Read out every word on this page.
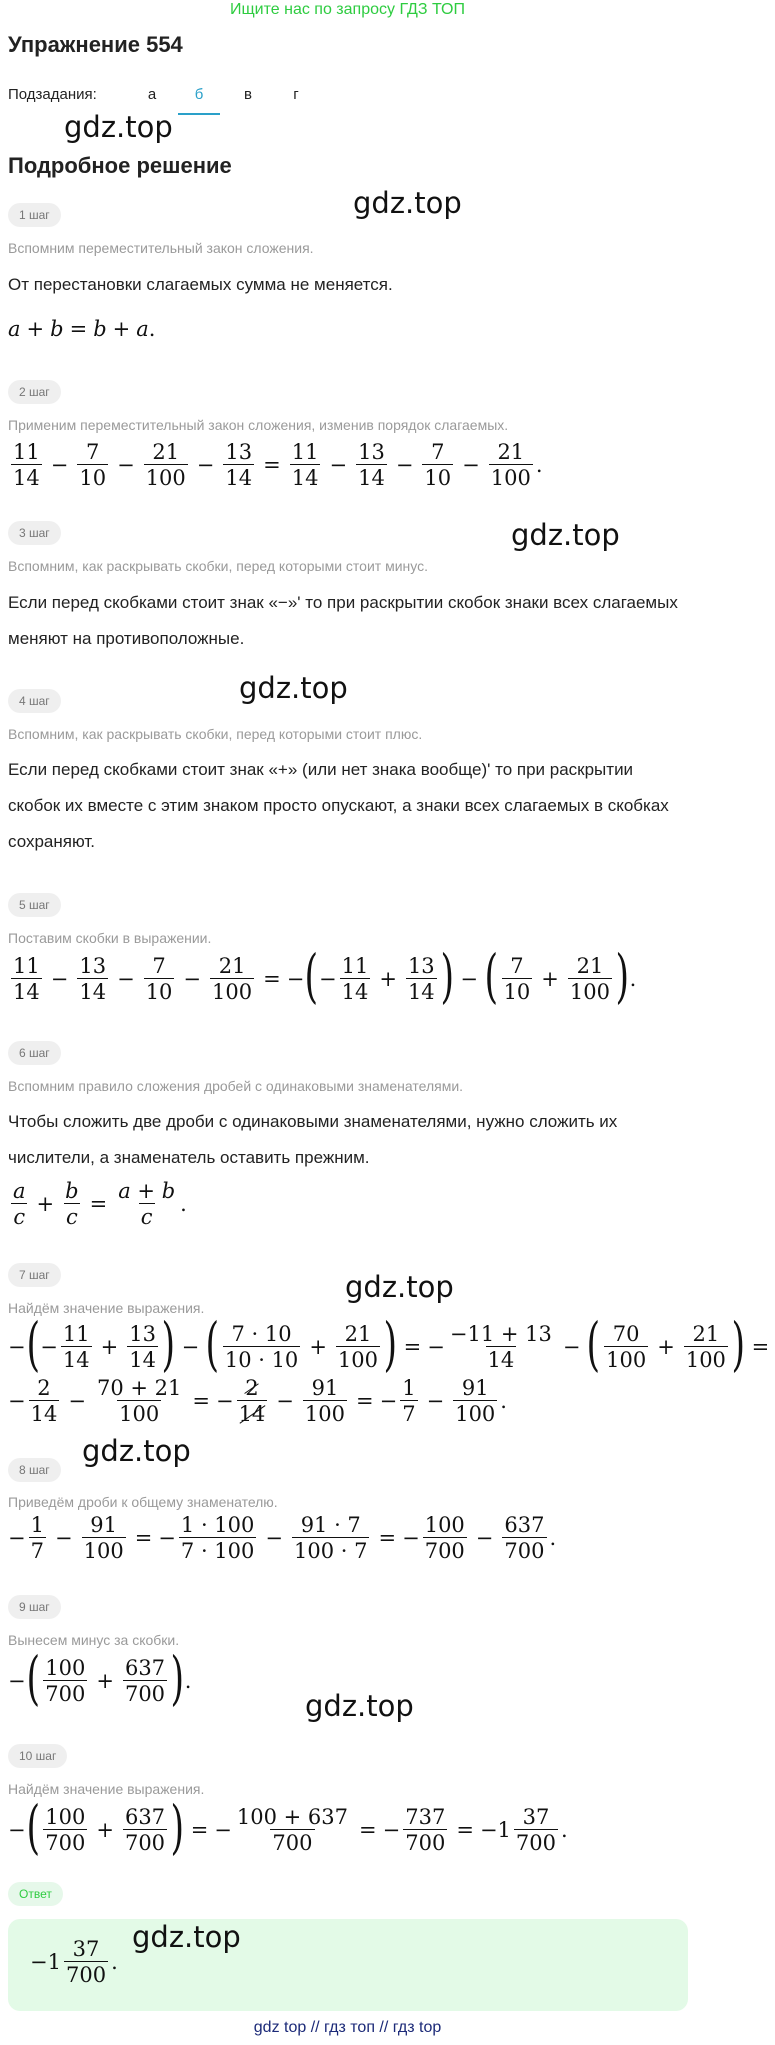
Ищите нас по запросу ГДЗ ТОП
Упражнение 554
Подзадания:	а	б	в	г
gdz.top
Подробное решение
1 шаг	gdz.top
Вспомним переместительный закон сложения.
От перестановки слагаемых сумма не меняется.
a + b = b + a .
2 шаг
Применим переместительный закон сложения, изменив порядок слагаемых.
$\frac{11}{14} - \frac{7}{10} - \frac{21}{100} - \frac{13}{14} = \frac{11}{14} - \frac{13}{14} - \frac{7}{10} - \frac{21}{100}$ .
3 шаг	gdz.top
Вспомним, как раскрывать скобки, перед которыми стоит минус.
Если перед скобками стоит знак «−»' то при раскрытии скобок знаки всех слагаемых меняют на противоположные.
4 шаг	gdz.top
Вспомним, как раскрывать скобки, перед которыми стоит плюс.
Если перед скобками стоит знак «+» (или нет знака вообще)' то при раскрытии скобок их вместе с этим знаком просто опускают, а знаки всех слагаемых в скобках сохраняют.
5 шаг
Поставим скобки в выражении.
$\frac{11}{14} - \frac{13}{14} - \frac{7}{10} - \frac{21}{100}$ = − ( − $\frac{11}{14} + \frac{13}{14}$ ) − ( $\frac{7}{10} + \frac{21}{100}$ ) .
6 шаг
Вспомним правило сложения дробей с одинаковыми знаменателями.
Чтобы сложить две дроби с одинаковыми знаменателями, нужно сложить их числители, а знаменатель оставить прежним.
$\frac{a}{c} + \frac{b}{c} = \frac{a + b}{c}$ .
7 шаг	gdz.top
Найдём значение выражения.
− ( − $\frac{11}{14} + \frac{13}{14}$ ) − ( $\frac{7 \cdot 10}{10 \cdot 10} + \frac{21}{100}$ ) = − $\frac{-11 + 13}{14}$ − ( $\frac{70}{100} + \frac{21}{100}$ ) =
− $\frac{2}{14} - \frac{70 + 21}{100}$ = − $\frac{2}{14} - \frac{91}{100}$ = − $\frac{1}{7} - \frac{91}{100}$ .
8 шаг
gdz.top
Приведём дроби к общему знаменателю.
− $\frac{1}{7} - \frac{91}{100}$ = − $\frac{1 \cdot 100}{7 \cdot 100} - \frac{91 \cdot 7}{100 \cdot 7}$ = − $\frac{100}{700} - \frac{637}{700}$ .
9 шаг
Вынесем минус за скобки.
− ( $\frac{100}{700} + \frac{637}{700}$ ) .
gdz.top
10 шаг
Найдём значение выражения.
− ( $\frac{100}{700} + \frac{637}{700}$ ) = − $\frac{100 + 637}{700}$ = − $\frac{737}{700} = -1 \frac{37}{700}$ .
Ответ
$-1 \frac{37}{700}$ .
gdz.top
gdz top // гдз топ // гдз top
